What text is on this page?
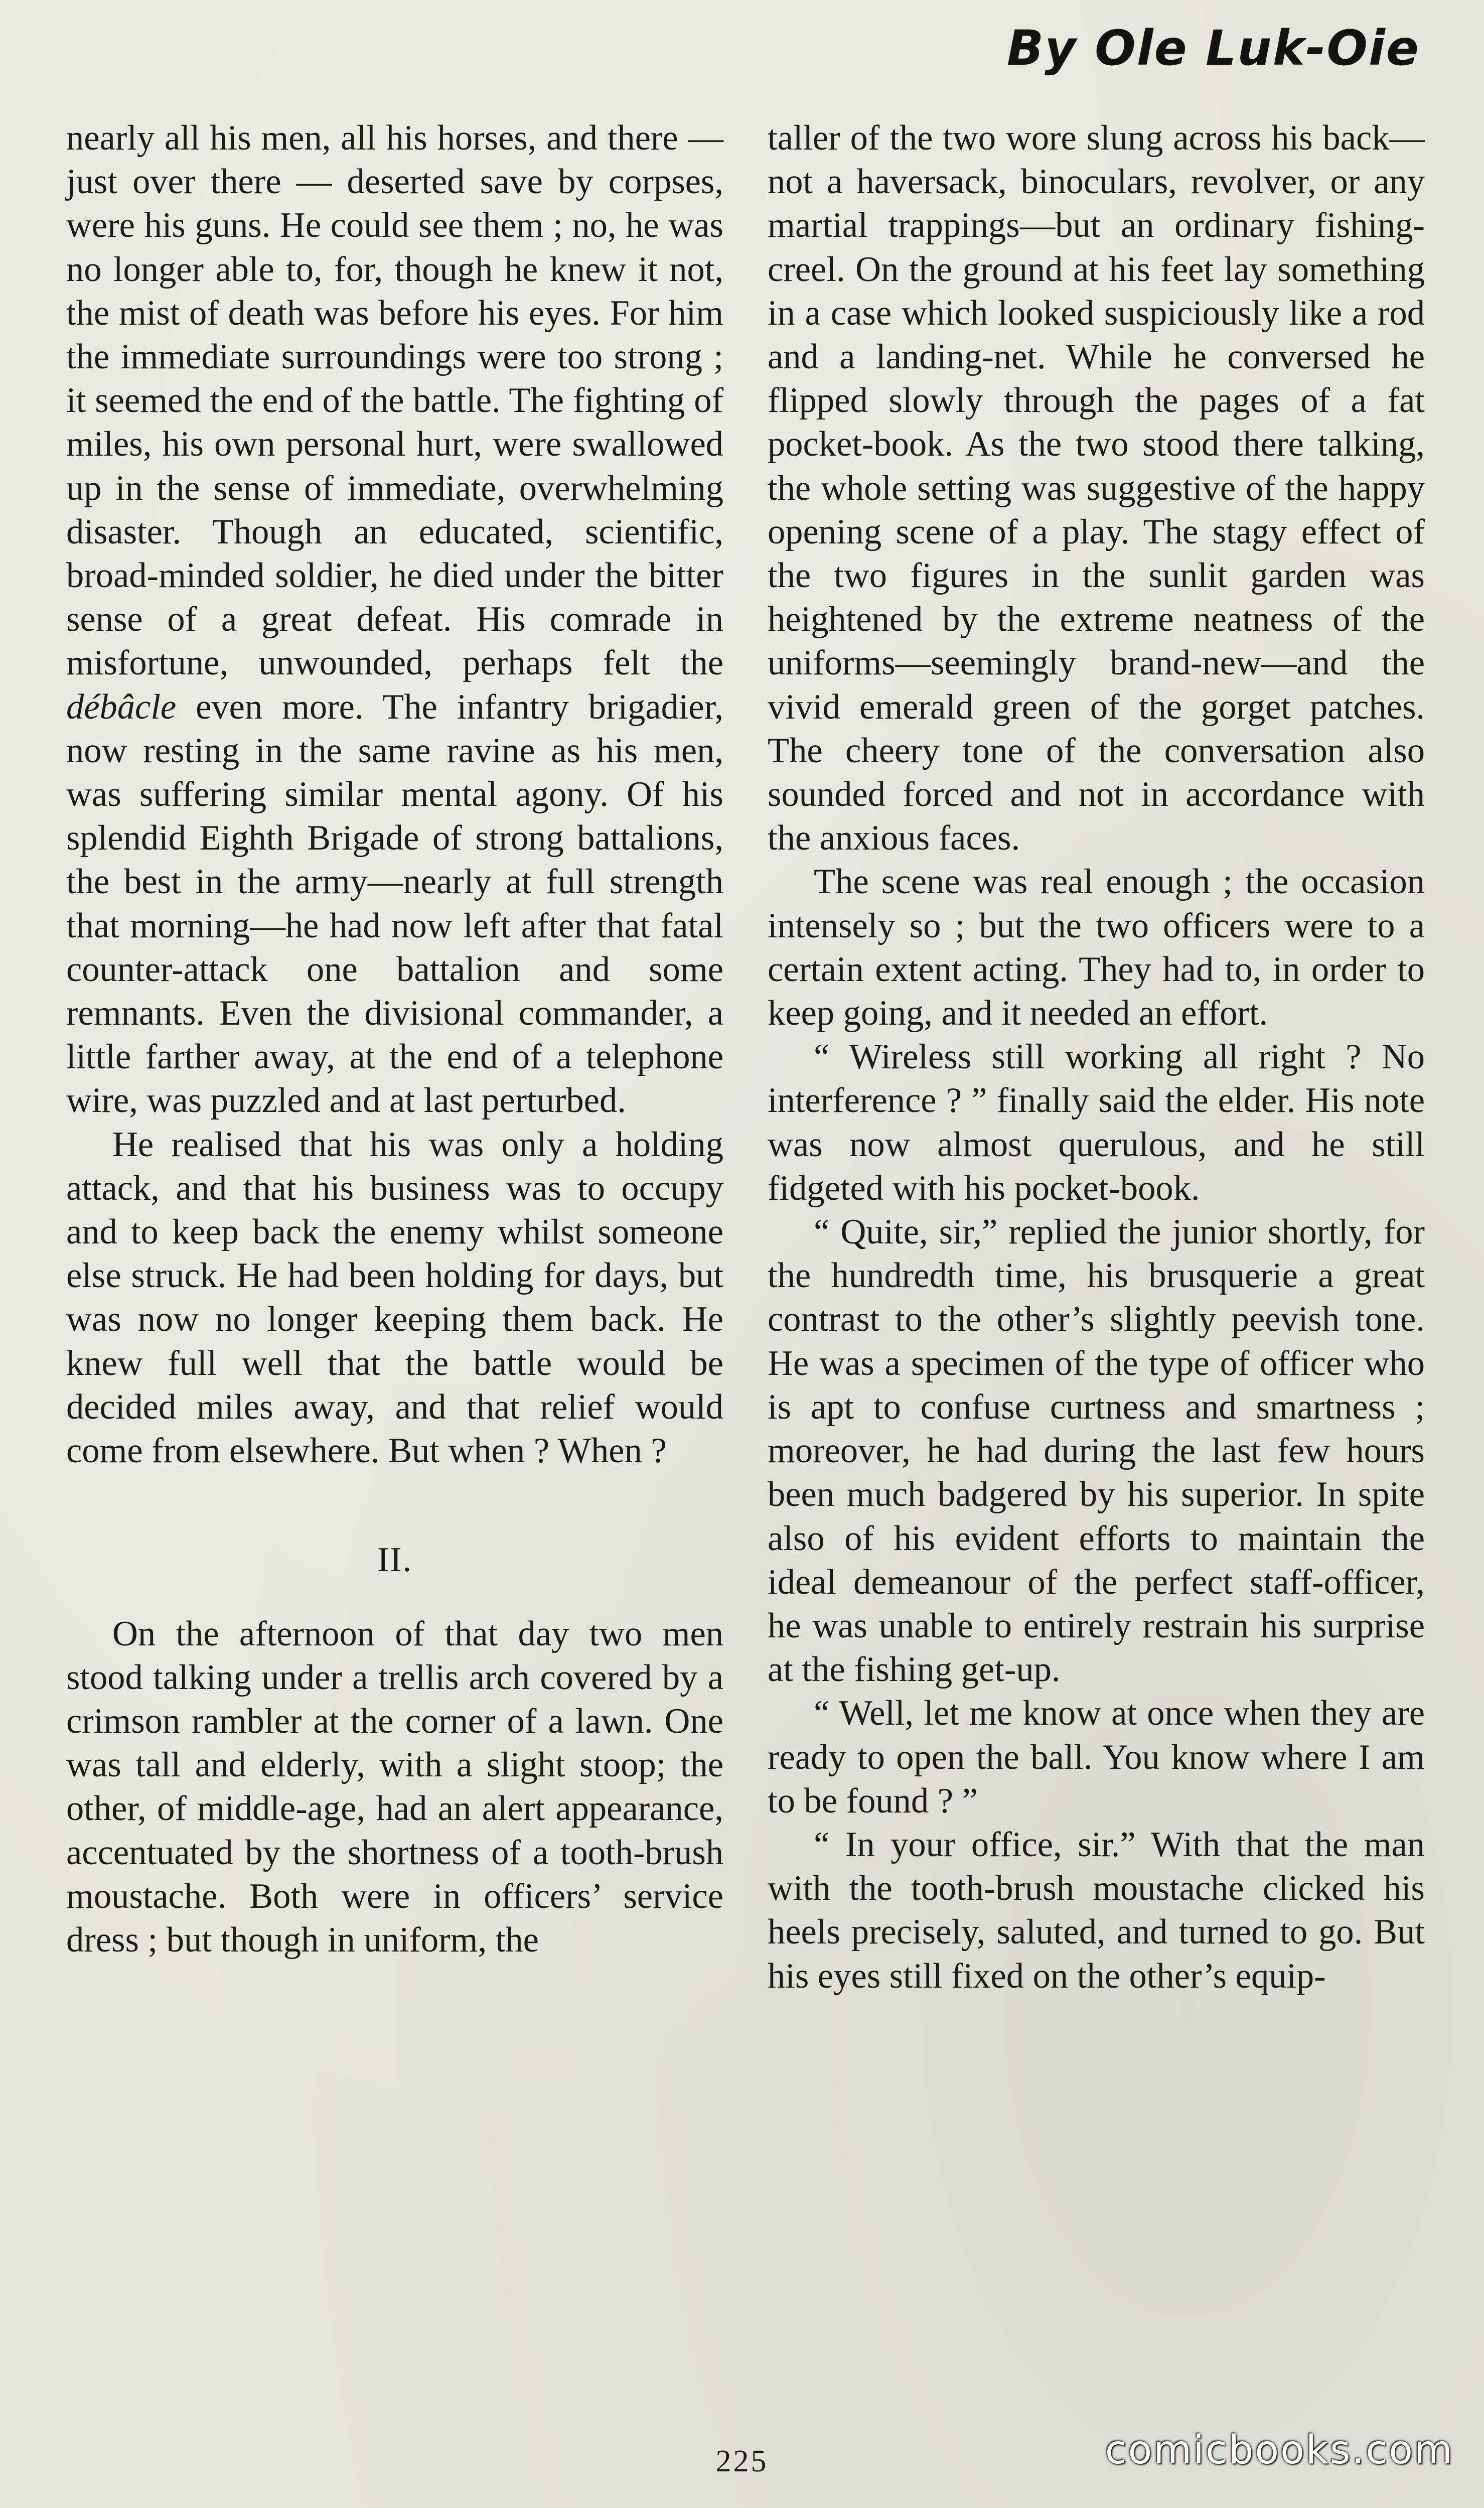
By Ole Luk-Oie

nearly all his men, all his horses, and there — just over there — deserted save by corpses, were his guns. He could see them ; no, he was no longer able to, for, though he knew it not, the mist of death was before his eyes. For him the immediate surroundings were too strong ; it seemed the end of the battle. The fighting of miles, his own personal hurt, were swallowed up in the sense of immediate, overwhelming disaster. Though an educated, scientific, broad-minded soldier, he died under the bitter sense of a great defeat. His comrade in misfortune, unwounded, perhaps felt the débâcle even more. The infantry brigadier, now resting in the same ravine as his men, was suffering similar mental agony. Of his splendid Eighth Brigade of strong battalions, the best in the army—nearly at full strength that morning—he had now left after that fatal counter-attack one battalion and some remnants. Even the divisional commander, a little farther away, at the end of a telephone wire, was puzzled and at last perturbed.

He realised that his was only a holding attack, and that his business was to occupy and to keep back the enemy whilst someone else struck. He had been holding for days, but was now no longer keeping them back. He knew full well that the battle would be decided miles away, and that relief would come from elsewhere. But when ? When ?

II.

On the afternoon of that day two men stood talking under a trellis arch covered by a crimson rambler at the corner of a lawn. One was tall and elderly, with a slight stoop; the other, of middle-age, had an alert appearance, accentuated by the shortness of a tooth-brush moustache. Both were in officers’ service dress ; but though in uniform, the

taller of the two wore slung across his back—not a haversack, binoculars, revolver, or any martial trappings—but an ordinary fishing-creel. On the ground at his feet lay something in a case which looked suspiciously like a rod and a landing-net. While he conversed he flipped slowly through the pages of a fat pocket-book. As the two stood there talking, the whole setting was suggestive of the happy opening scene of a play. The stagy effect of the two figures in the sunlit garden was heightened by the extreme neatness of the uniforms—seemingly brand-new—and the vivid emerald green of the gorget patches. The cheery tone of the conversation also sounded forced and not in accordance with the anxious faces.

The scene was real enough ; the occasion intensely so ; but the two officers were to a certain extent acting. They had to, in order to keep going, and it needed an effort.

“ Wireless still working all right ? No interference ? ” finally said the elder. His note was now almost querulous, and he still fidgeted with his pocket-book.

“ Quite, sir,” replied the junior shortly, for the hundredth time, his brusquerie a great contrast to the other’s slightly peevish tone. He was a specimen of the type of officer who is apt to confuse curtness and smartness ; moreover, he had during the last few hours been much badgered by his superior. In spite also of his evident efforts to maintain the ideal demeanour of the perfect staff-officer, he was unable to entirely restrain his surprise at the fishing get-up.

“ Well, let me know at once when they are ready to open the ball. You know where I am to be found ? ”

“ In your office, sir.” With that the man with the tooth-brush moustache clicked his heels precisely, saluted, and turned to go. But his eyes still fixed on the other’s equip-

225	comicbooks.com
